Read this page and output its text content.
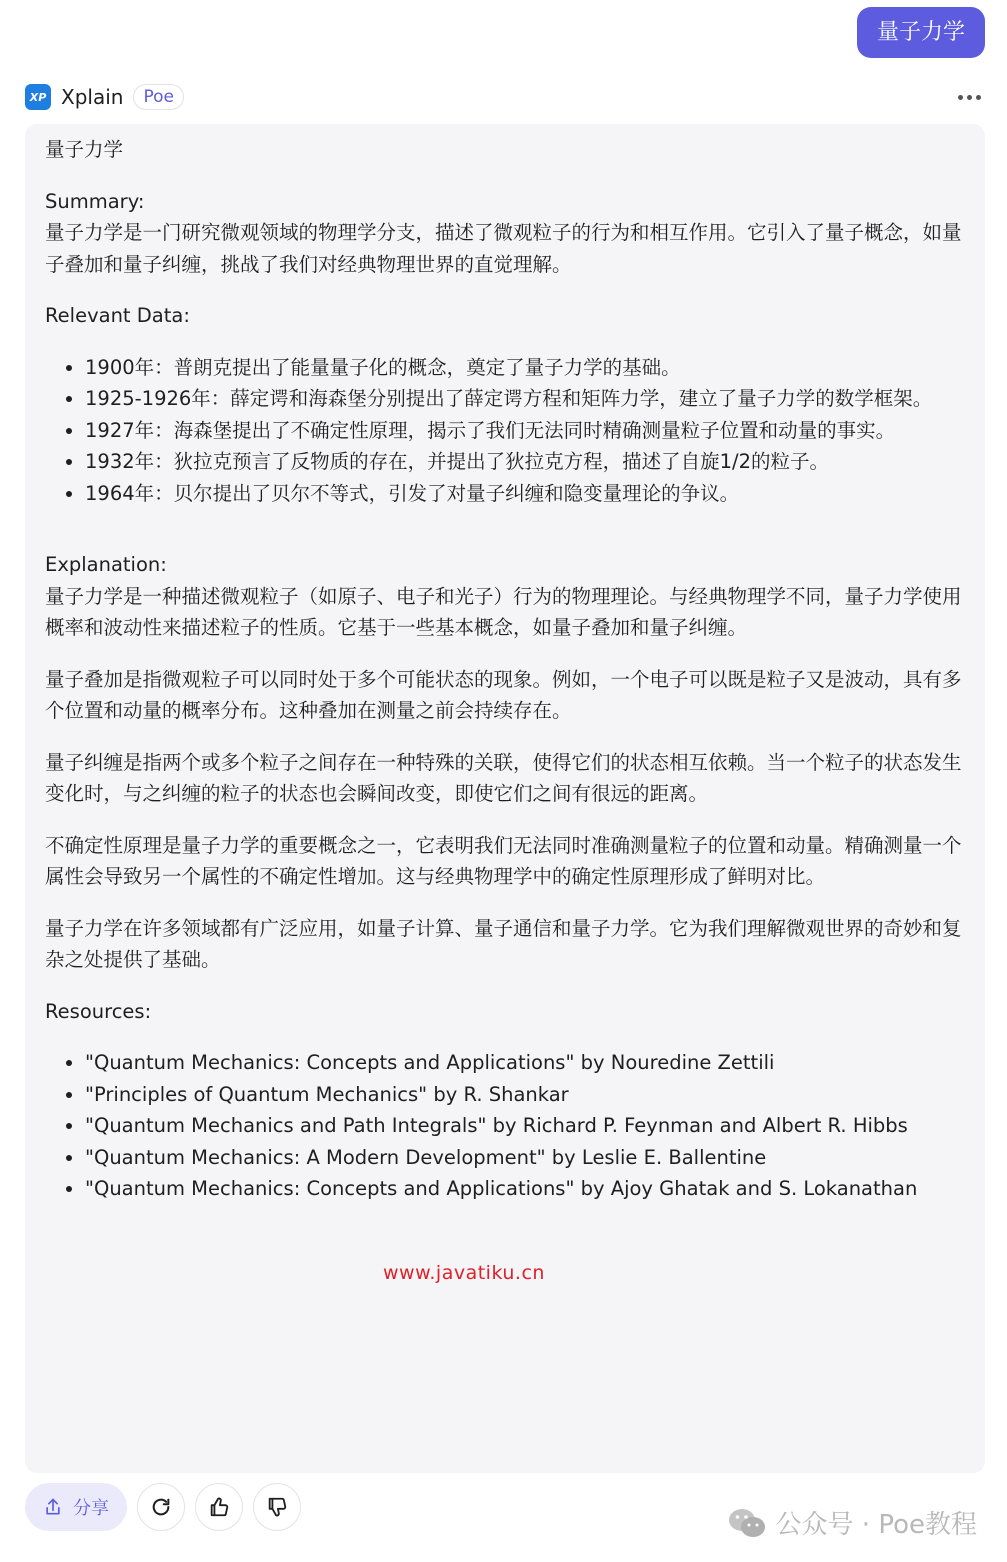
量子力学
XP Xplain	Poe

量子力学

Summary:
量子力学是一门研究微观领域的物理学分支，描述了微观粒子的行为和相互作用。它引入了量子概念，如量子叠加和量子纠缠，挑战了我们对经典物理世界的直觉理解。

Relevant Data:

• 1900年：普朗克提出了能量量子化的概念，奠定了量子力学的基础。
• 1925-1926年：薛定谔和海森堡分别提出了薛定谔方程和矩阵力学，建立了量子力学的数学框架。
• 1927年：海森堡提出了不确定性原理，揭示了我们无法同时精确测量粒子位置和动量的事实。
• 1932年：狄拉克预言了反物质的存在，并提出了狄拉克方程，描述了自旋1/2的粒子。
• 1964年：贝尔提出了贝尔不等式，引发了对量子纠缠和隐变量理论的争议。

Explanation:
量子力学是一种描述微观粒子（如原子、电子和光子）行为的物理理论。与经典物理学不同，量子力学使用概率和波动性来描述粒子的性质。它基于一些基本概念，如量子叠加和量子纠缠。

量子叠加是指微观粒子可以同时处于多个可能状态的现象。例如，一个电子可以既是粒子又是波动，具有多个位置和动量的概率分布。这种叠加在测量之前会持续存在。

量子纠缠是指两个或多个粒子之间存在一种特殊的关联，使得它们的状态相互依赖。当一个粒子的状态发生变化时，与之纠缠的粒子的状态也会瞬间改变，即使它们之间有很远的距离。

不确定性原理是量子力学的重要概念之一，它表明我们无法同时准确测量粒子的位置和动量。精确测量一个属性会导致另一个属性的不确定性增加。这与经典物理学中的确定性原理形成了鲜明对比。

量子力学在许多领域都有广泛应用，如量子计算、量子通信和量子力学。它为我们理解微观世界的奇妙和复杂之处提供了基础。

Resources:

• "Quantum Mechanics: Concepts and Applications" by Nouredine Zettili
• "Principles of Quantum Mechanics" by R. Shankar
• "Quantum Mechanics and Path Integrals" by Richard P. Feynman and Albert R. Hibbs
• "Quantum Mechanics: A Modern Development" by Leslie E. Ballentine
• "Quantum Mechanics: Concepts and Applications" by Ajoy Ghatak and S. Lokanathan
www.javatiku.cn
分享
公众号 · Poe教程
